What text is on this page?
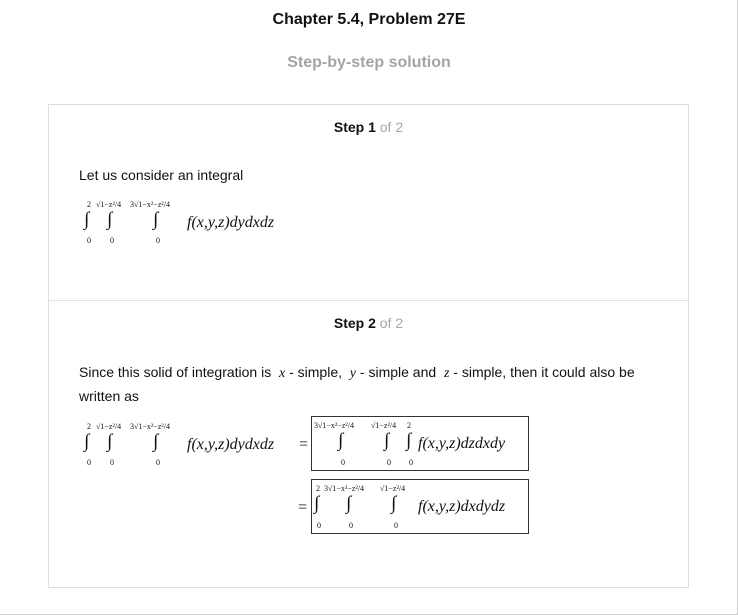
Chapter 5.4, Problem 27E
Step-by-step solution
Step 1 of 2
Let us consider an integral
2 √1−z²/4 3√1−x²−z²/4
∫ ∫ ∫
0 0	0
f(x,y,z)dydxdz
Step 2 of 2
Since this solid of integration is x - simple,  y - simple and  z - simple, then it could also be
written as
2 √1−z²/4 3√1−x²−z²/4
∫ ∫ ∫
0 0	0
f(x,y,z)dydxdz =
3√1−x²−z²/4 √1−z²/4 2
∫ ∫ ∫
0	0 0
f(x,y,z)dzdxdy
=
2 3√1−x²−z²/4 √1−z²/4
∫ ∫ ∫
0	0	0
f(x,y,z)dxdydz
